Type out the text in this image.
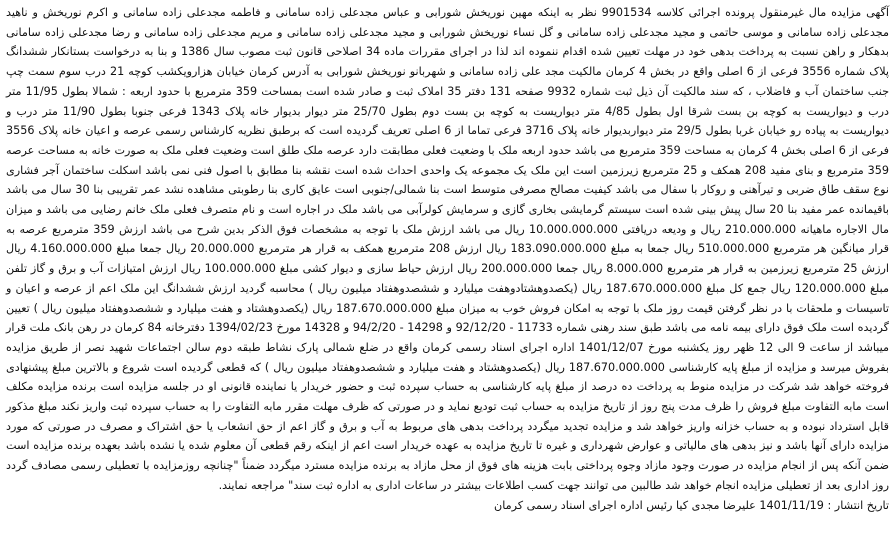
آگهی مزایده مال غیرمنقول پرونده اجرائی کلاسه 9901534 نظر به اینکه مهین نوریخش شورابی و عباس مجدعلی زاده سامانی و فاطمه مجدعلی زاده سامانی و اکرم نوریخش و ناهید مجدعلی زاده سامانی و موسی حاتمی و مجید مجدعلی زاده سامانی و گل نساء نوریخش شورابی و مجید مجدعلی زاده سامانی و مریم مجدعلی زاده سامانی و رضا مجدعلی زاده سامانی بدهکار و راهن نسبت به پرداخت بدهی خود در مهلت تعیین شده اقدام ننموده اند لذا در اجرای مقررات ماده 34 اصلاحی قانون ثبت مصوب سال 1386 و بنا به درخواست بستانکار ششدانگ پلاک شماره 3556 فرعی از 6 اصلی واقع در بخش 4 کرمان مالکیت مجد علی زاده سامانی و شهربانو نوریخش شورابی به آدرس کرمان خیابان هزارویکشب کوچه 21 درب سوم سمت چپ جنب ساختمان آب و فاضلاب ، که سند مالکیت آن ذیل ثبت شماره 9932 صفحه 131 دفتر 35 املاک ثبت و صادر شده است بمساحت 359 مترمربع با حدود اربعه : شمالا بطول 11/95 متر درب و دیواریست به کوچه بن بست شرقا اول بطول 4/85 متر دیواریست به کوچه بن بست دوم بطول 25/70 متر دیوار بدیوار خانه پلاک 1343 فرعی جنوبا بطول 11/90 متر درب و دیواریست به پیاده رو خیابان غربا بطول 29/5 متر دیواربدیوار خانه پلاک 3716 فرعی تماما از 6 اصلی تعریف گردیده است که برطبق نظریه کارشناس رسمی عرصه و اعیان خانه پلاک 3556 فرعی از 6 اصلی بخش 4 کرمان به مساحت 359 مترمربع می باشد حدود اربعه ملک با وضعیت فعلی مطابقت دارد عرصه ملک طلق است وضعیت فعلی ملک به صورت خانه به مساحت عرصه 359 مترمربع و بنای مفید 208 همکف و 25 مترمربع زیرزمین است این ملک یک مجموعه یک واحدی احداث شده است نقشه بنا مطابق با اصول فنی نمی باشد اسکلت ساختمان آجر فشاری نوع سقف طاق ضربی و تیرآهنی و روکار با سفال می باشد کیفیت مصالح مصرفی متوسط است بنا شمالی/جنوبی است عایق کاری بنا رطوبتی مشاهده نشد عمر تقریبی بنا 30 سال می باشد باقیمانده عمر مفید بنا 20 سال پیش بینی شده است سیستم گرمایشی بخاری گازی و سرمایش کولرآبی می باشد ملک در اجاره است و نام متصرف فعلی ملک خانم رضایی می باشد و میزان مال الاجاره ماهیانه 210.000.000 ریال و ودیعه دریافتی 10.000.000.000 ریال می باشد ارزش ملک با توجه به مشخصات فوق الذکر بدین شرح می باشد ارزش 359 مترمربع عرصه به قرار میانگین هر مترمربع 510.000.000 ریال جمعا به مبلغ 183.090.000.000 ریال ارزش 208 مترمربع همکف به قرار هر مترمربع 20.000.000 ریال جمعا مبلغ 4.160.000.000 ریال ارزش 25 مترمربع زیرزمین به قرار هر مترمربع 8.000.000 ریال جمعا 200.000.000 ریال ارزش حیاط سازی و دیوار کشی مبلغ 100.000.000 ریال ارزش امتیازات آب و برق و گاز تلفن مبلغ 120.000.000 ریال جمع کل مبلغ 187.670.000.000 ریال (یکصدوهشتادوهفت میلیارد و ششصدوهفتاد میلیون ریال ) محاسبه گردید ارزش ششدانگ این ملک اعم از عرصه و اعیان و تاسیسات و ملحقات با در نظر گرفتن قیمت روز ملک با توجه به امکان فروش خوب به میزان مبلغ 187.670.000.000 ریال (یکصدوهشتاد و هفت میلیارد و ششصدوهفتاد میلیون ریال ) تعیین گردیده است ملک فوق دارای بیمه نامه می باشد طبق سند رهنی شماره 11733 - 92/12/20 و 14298 - 94/2/20 و 14328 مورخ 1394/02/23 دفترخانه 84 کرمان در رهن بانک ملت قرار میباشد از ساعت 9 الی 12 ظهر روز یکشنبه مورخ 1401/12/07 اداره اجرای اسناد رسمی کرمان واقع در ضلع شمالی پارک نشاط طبقه دوم سالن اجتماعات شهید نصر از طریق مزایده بفروش میرسد و مزایده از مبلغ پایه کارشناسی 187.670.000.000 ریال (یکصدوهشتاد و هفت میلیارد و ششصدوهفتاد میلیون ریال ) که قطعی گردیده است شروع و بالاترین مبلغ پیشنهادی فروخته خواهد شد شرکت در مزایده منوط به پرداخت ده درصد از مبلغ پایه کارشناسی به حساب سپرده ثبت و حضور خریدار یا نماینده قانونی او در جلسه مزایده است برنده مزایده مکلف است مابه التفاوت مبلغ فروش را ظرف مدت پنج روز از تاریخ مزایده به حساب ثبت تودیع نماید و در صورتی که ظرف مهلت مقرر مابه التفاوت را به حساب سپرده ثبت واریز نکند مبلغ مذکور قابل استرداد نبوده و به حساب خزانه واریز خواهد شد و مزایده تجدید میگردد پرداخت بدهی های مربوط به آب و برق و گاز اعم از حق انشعاب یا حق اشتراک و مصرف در صورتی که مورد مزایده دارای آنها باشد و نیز بدهی های مالیاتی و عوارض شهرداری و غیره تا تاریخ مزایده به عهده خریدار است اعم از اینکه رقم قطعی آن معلوم شده یا نشده باشد بعهده برنده مزایده است ضمن آنکه پس از انجام مزایده در صورت وجود مازاد وجوه پرداختی بابت هزینه های فوق از محل مازاد به برنده مزایده مسترد میگردد ضمناً "چنانچه روزمزایده با تعطیلی رسمی مصادف گردد روز اداری بعد از تعطیلی مزایده انجام خواهد شد طالبین می توانند جهت کسب اطلاعات بیشتر در ساعات اداری به اداره ثبت سند" مراجعه نمایند.

تاریخ انتشار : 1401/11/19 علیرضا مجدی کیا رئیس اداره اجرای اسناد رسمی کرمان
